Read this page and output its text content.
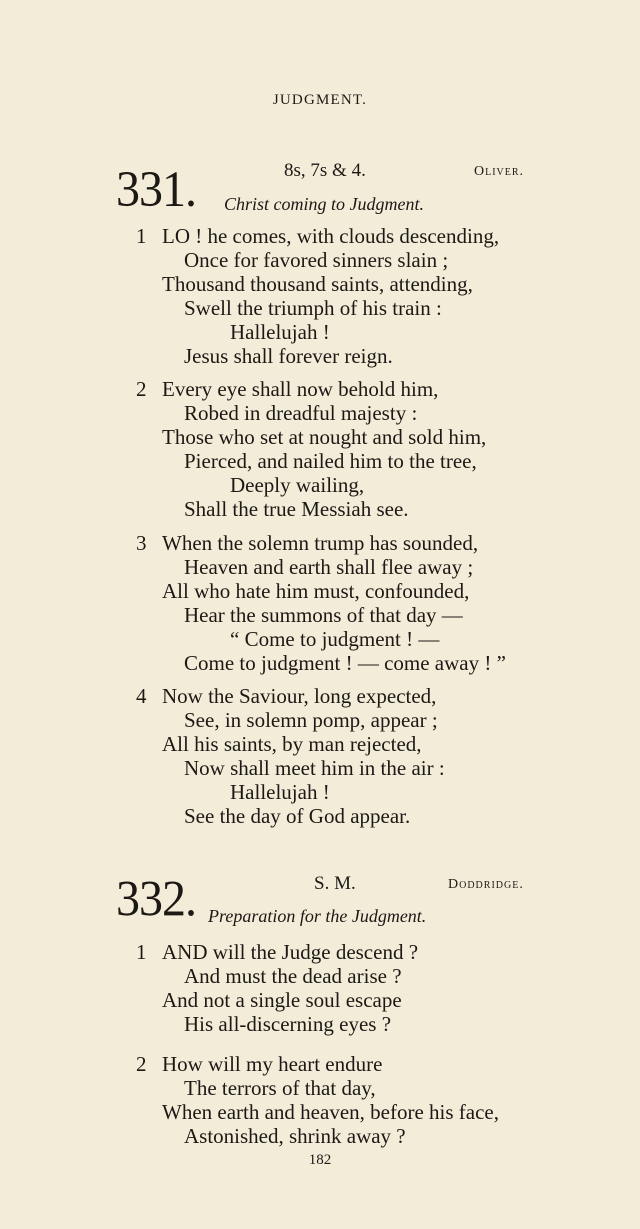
JUDGMENT.
331.	8s, 7s & 4.	Oliver.
Christ coming to Judgment.
1 LO ! he comes, with clouds descending,
Once for favored sinners slain ;
Thousand thousand saints, attending,
Swell the triumph of his train :
Hallelujah !
Jesus shall forever reign.
2 Every eye shall now behold him,
Robed in dreadful majesty :
Those who set at nought and sold him,
Pierced, and nailed him to the tree,
Deeply wailing,
Shall the true Messiah see.
3 When the solemn trump has sounded,
Heaven and earth shall flee away ;
All who hate him must, confounded,
Hear the summons of that day —
“ Come to judgment ! —
Come to judgment ! — come away ! ”
4 Now the Saviour, long expected,
See, in solemn pomp, appear ;
All his saints, by man rejected,
Now shall meet him in the air :
Hallelujah !
See the day of God appear.
332.	S. M.	Doddridge.
Preparation for the Judgment.
1 AND will the Judge descend ?
And must the dead arise ?
And not a single soul escape
His all-discerning eyes ?
2 How will my heart endure
The terrors of that day,
When earth and heaven, before his face,
Astonished, shrink away ?
182
